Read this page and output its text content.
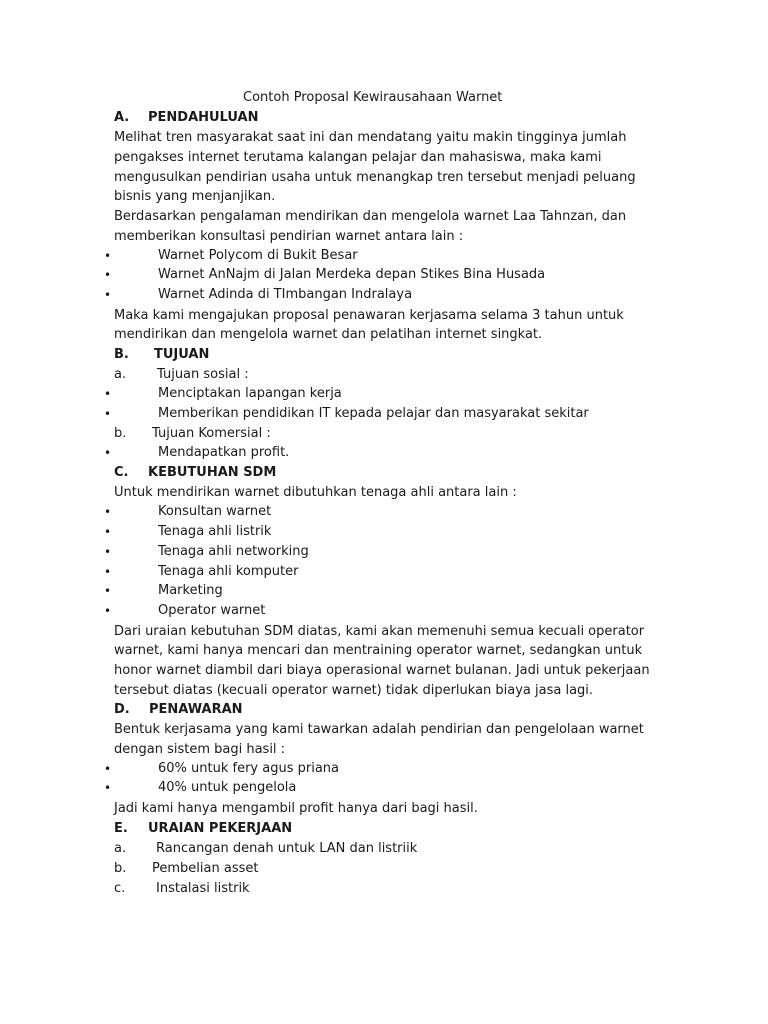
Contoh Proposal Kewirausahaan Warnet
A. PENDAHULUAN
Melihat tren masyarakat saat ini dan mendatang yaitu makin tingginya jumlah
pengakses internet terutama kalangan pelajar dan mahasiswa, maka kami
mengusulkan pendirian usaha untuk menangkap tren tersebut menjadi peluang
bisnis yang menjanjikan.
Berdasarkan pengalaman mendirikan dan mengelola warnet Laa Tahnzan, dan
memberikan konsultasi pendirian warnet antara lain :
•	Warnet Polycom di Bukit Besar
•	Warnet AnNajm di Jalan Merdeka depan Stikes Bina Husada
•	Warnet Adinda di TImbangan Indralaya
Maka kami mengajukan proposal penawaran kerjasama selama 3 tahun untuk
mendirikan dan mengelola warnet dan pelatihan internet singkat.
B. TUJUAN
a. Tujuan sosial :
•	Menciptakan lapangan kerja
•	Memberikan pendidikan IT kepada pelajar dan masyarakat sekitar
b. Tujuan Komersial :
•	Mendapatkan profit.
C. KEBUTUHAN SDM
Untuk mendirikan warnet dibutuhkan tenaga ahli antara lain :
•	Konsultan warnet
•	Tenaga ahli listrik
•	Tenaga ahli networking
•	Tenaga ahli komputer
•	Marketing
•	Operator warnet
Dari uraian kebutuhan SDM diatas, kami akan memenuhi semua kecuali operator
warnet, kami hanya mencari dan mentraining operator warnet, sedangkan untuk
honor warnet diambil dari biaya operasional warnet bulanan. Jadi untuk pekerjaan
tersebut diatas (kecuali operator warnet) tidak diperlukan biaya jasa lagi.
D. PENAWARAN
Bentuk kerjasama yang kami tawarkan adalah pendirian dan pengelolaan warnet
dengan sistem bagi hasil :
•	60% untuk fery agus priana
•	40% untuk pengelola
Jadi kami hanya mengambil profit hanya dari bagi hasil.
E. URAIAN PEKERJAAN
a. Rancangan denah untuk LAN dan listriik
b. Pembelian asset
c. Instalasi listrik
